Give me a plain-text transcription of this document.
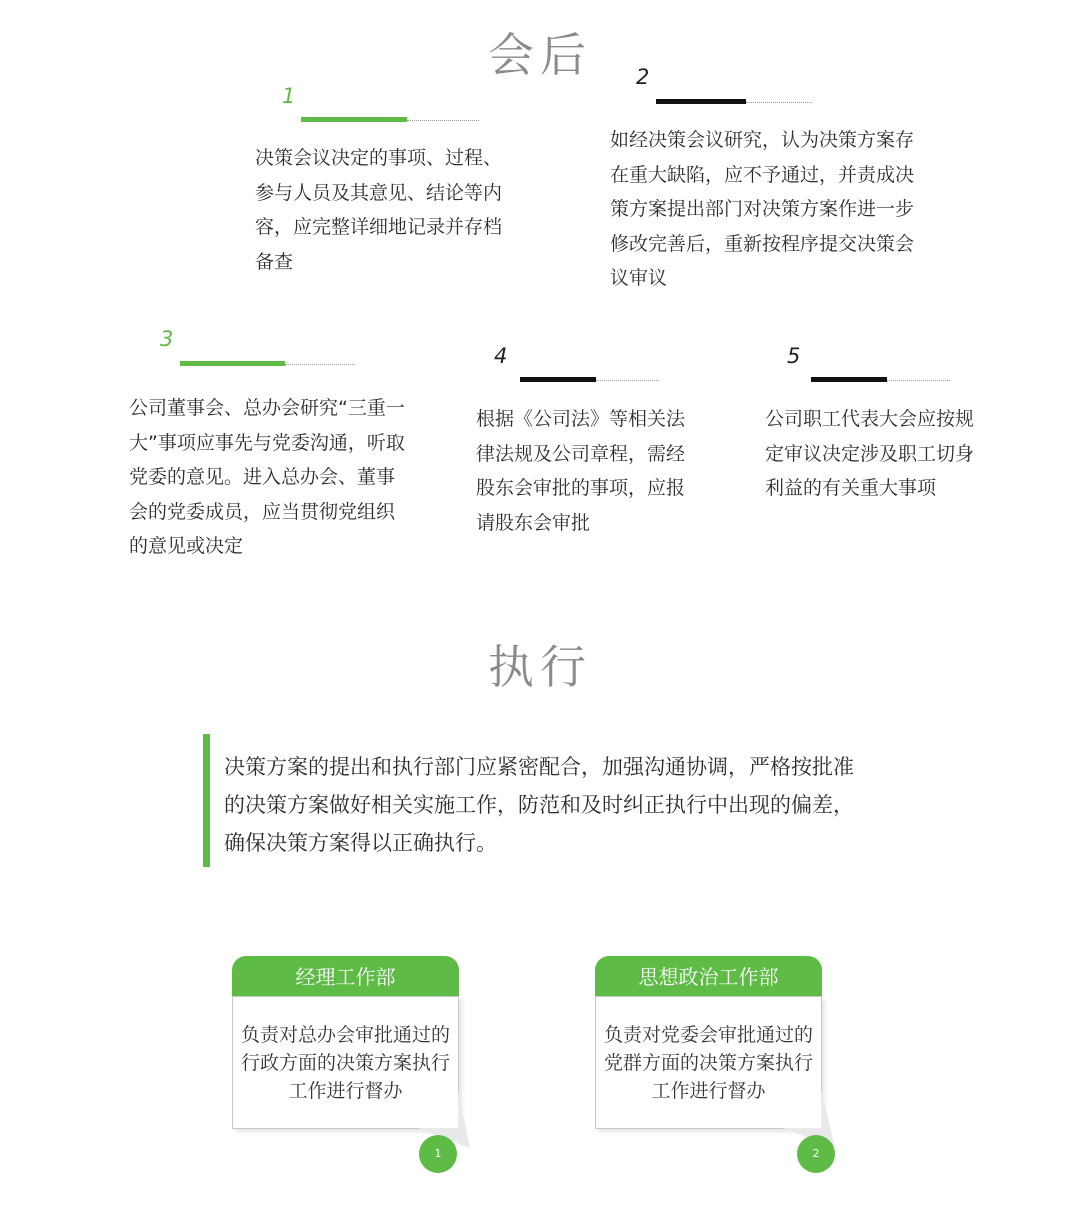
会后
1
决策会议决定的事项、过程、参与人员及其意见、结论等内容，应完整详细地记录并存档备查
2
如经决策会议研究，认为决策方案存在重大缺陷，应不予通过，并责成决策方案提出部门对决策方案作进一步修改完善后，重新按程序提交决策会议审议
3
公司董事会、总办会研究“三重一大”事项应事先与党委沟通，听取党委的意见。进入总办会、董事会的党委成员，应当贯彻党组织的意见或决定
4
根据《公司法》等相关法律法规及公司章程，需经股东会审批的事项，应报请股东会审批
5
公司职工代表大会应按规定审议决定涉及职工切身利益的有关重大事项
执行
决策方案的提出和执行部门应紧密配合，加强沟通协调，严格按批准的决策方案做好相关实施工作，防范和及时纠正执行中出现的偏差，确保决策方案得以正确执行。
经理工作部
负责对总办会审批通过的行政方面的决策方案执行工作进行督办
1
思想政治工作部
负责对党委会审批通过的党群方面的决策方案执行工作进行督办
2
